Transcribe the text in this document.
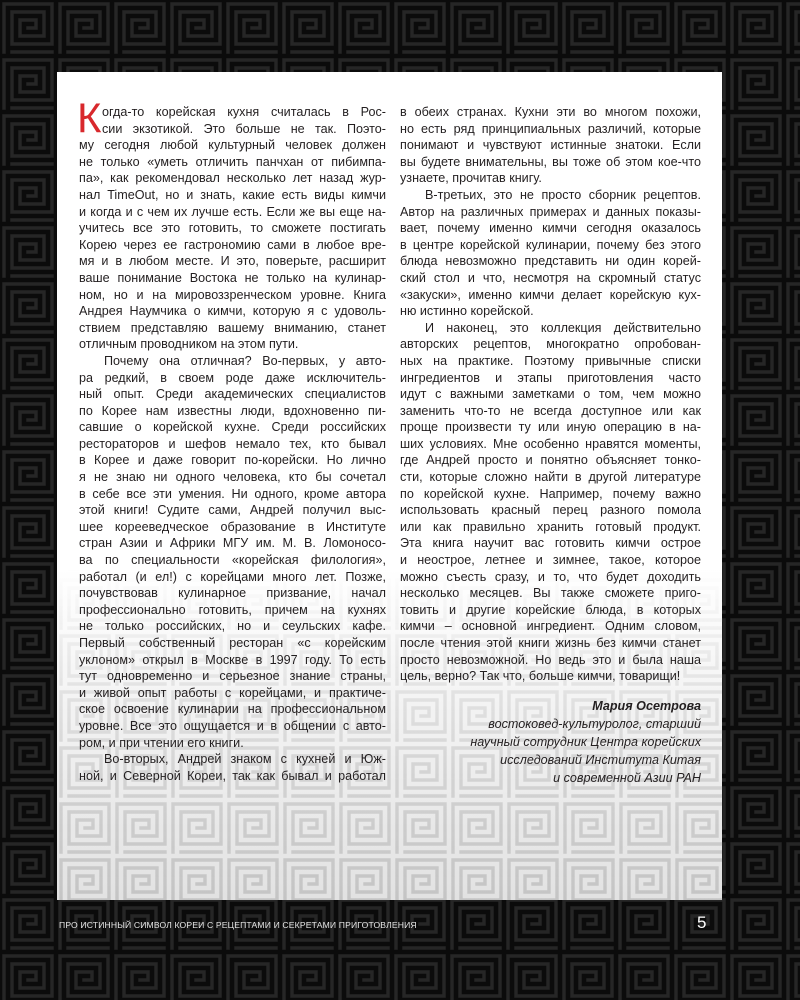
К огда-то корейская кухня считалась в Рос-
сии экзотикой. Это больше не так. Поэто-
му сегодня любой культурный человек должен
не только «уметь отличить панчхан от пибимпа-
па», как рекомендовал несколько лет назад жур-
нал TimeOut, но и знать, какие есть виды кимчи
и когда и с чем их лучше есть. Если же вы еще на-
учитесь все это готовить, то сможете постигать
Корею через ее гастрономию сами в любое вре-
мя и в любом месте. И это, поверьте, расширит
ваше понимание Востока не только на кулинар-
ном, но и на мировоззренческом уровне. Книга
Андрея Наумчика о кимчи, которую я с удоволь-
ствием представляю вашему вниманию, станет
отличным проводником на этом пути.
Почему она отличная? Во-первых, у авто-
ра редкий, в своем роде даже исключитель-
ный опыт. Среди академических специалистов
по Корее нам известны люди, вдохновенно пи-
савшие о корейской кухне. Среди российских
рестораторов и шефов немало тех, кто бывал
в Корее и даже говорит по-корейски. Но лично
я не знаю ни одного человека, кто бы сочетал
в себе все эти умения. Ни одного, кроме автора
этой книги! Судите сами, Андрей получил выс-
шее корееведческое образование в Институте
стран Азии и Африки МГУ им. М. В. Ломоносо-
ва по специальности «корейская филология»,
работал (и ел!) с корейцами много лет. Позже,
почувствовав кулинарное призвание, начал
профессионально готовить, причем на кухнях
не только российских, но и сеульских кафе.
Первый собственный ресторан «с корейским
уклоном» открыл в Москве в 1997 году. То есть
тут одновременно и серьезное знание страны,
и живой опыт работы с корейцами, и практиче-
ское освоение кулинарии на профессиональном
уровне. Все это ощущается и в общении с авто-
ром, и при чтении его книги.
Во-вторых, Андрей знаком с кухней и Юж-
ной, и Северной Кореи, так как бывал и работал
в обеих странах. Кухни эти во многом похожи,
но есть ряд принципиальных различий, которые
понимают и чувствуют истинные знатоки. Если
вы будете внимательны, вы тоже об этом кое-что
узнаете, прочитав книгу.
В-третьих, это не просто сборник рецептов.
Автор на различных примерах и данных показы-
вает, почему именно кимчи сегодня оказалось
в центре корейской кулинарии, почему без этого
блюда невозможно представить ни один корей-
ский стол и что, несмотря на скромный статус
«закуски», именно кимчи делает корейскую кух-
ню истинно корейской.
И наконец, это коллекция действительно
авторских рецептов, многократно опробован-
ных на практике. Поэтому привычные списки
ингредиентов и этапы приготовления часто
идут с важными заметками о том, чем можно
заменить что-то не всегда доступное или как
проще произвести ту или иную операцию в на-
ших условиях. Мне особенно нравятся моменты,
где Андрей просто и понятно объясняет тонко-
сти, которые сложно найти в другой литературе
по корейской кухне. Например, почему важно
использовать красный перец разного помола
или как правильно хранить готовый продукт.
Эта книга научит вас готовить кимчи острое
и неострое, летнее и зимнее, такое, которое
можно съесть сразу, и то, что будет доходить
несколько месяцев. Вы также сможете приго-
товить и другие корейские блюда, в которых
кимчи – основной ингредиент. Одним словом,
после чтения этой книги жизнь без кимчи станет
просто невозможной. Но ведь это и была наша
цель, верно? Так что, больше кимчи, товарищи!
Мария Осетрова
востоковед-культуролог, старший
научный сотрудник Центра корейских
исследований Института Китая
и современной Азии РАН
ПРО ИСТИННЫЙ СИМВОЛ КОРЕИ С РЕЦЕПТАМИ И СЕКРЕТАМИ ПРИГОТОВЛЕНИЯ	5
